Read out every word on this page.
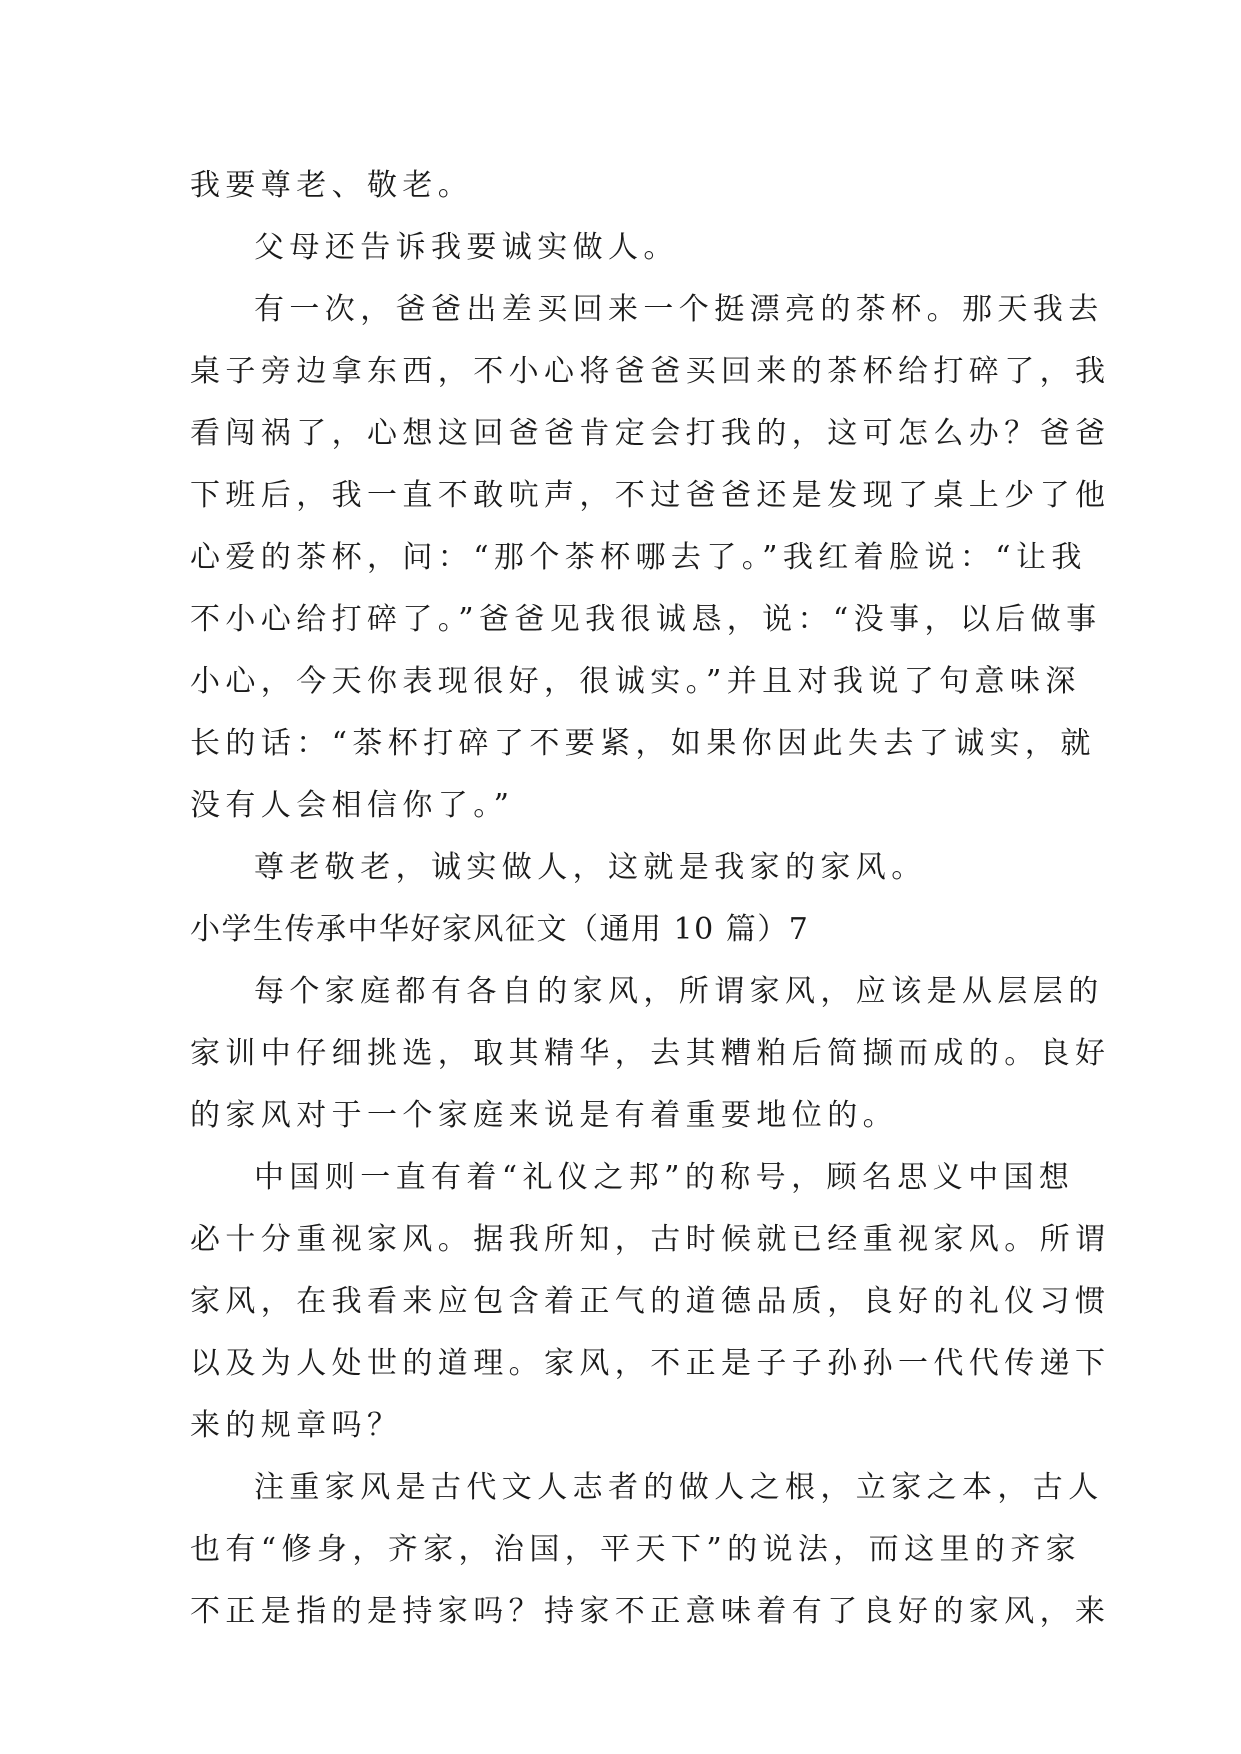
我要尊老、敬老。

父母还告诉我要诚实做人。

有一次，爸爸出差买回来一个挺漂亮的茶杯。那天我去

桌子旁边拿东西，不小心将爸爸买回来的茶杯给打碎了，我

看闯祸了，心想这回爸爸肯定会打我的，这可怎么办？爸爸

下班后，我一直不敢吭声，不过爸爸还是发现了桌上少了他

心爱的茶杯，问：“那个茶杯哪去了。”我红着脸说：“让我

不小心给打碎了。”爸爸见我很诚恳，说：“没事，以后做事

小心，今天你表现很好，很诚实。”并且对我说了句意味深

长的话：“茶杯打碎了不要紧，如果你因此失去了诚实，就

没有人会相信你了。”

尊老敬老，诚实做人，这就是我家的家风。

小学生传承中华好家风征文（通用 10 篇）7

每个家庭都有各自的家风，所谓家风，应该是从层层的

家训中仔细挑选，取其精华，去其糟粕后简撷而成的。良好

的家风对于一个家庭来说是有着重要地位的。

中国则一直有着“礼仪之邦”的称号，顾名思义中国想

必十分重视家风。据我所知，古时候就已经重视家风。所谓

家风，在我看来应包含着正气的道德品质，良好的礼仪习惯

以及为人处世的道理。家风，不正是子子孙孙一代代传递下

来的规章吗？

注重家风是古代文人志者的做人之根，立家之本，古人

也有“修身，齐家，治国，平天下”的说法，而这里的齐家

不正是指的是持家吗？持家不正意味着有了良好的家风，来
